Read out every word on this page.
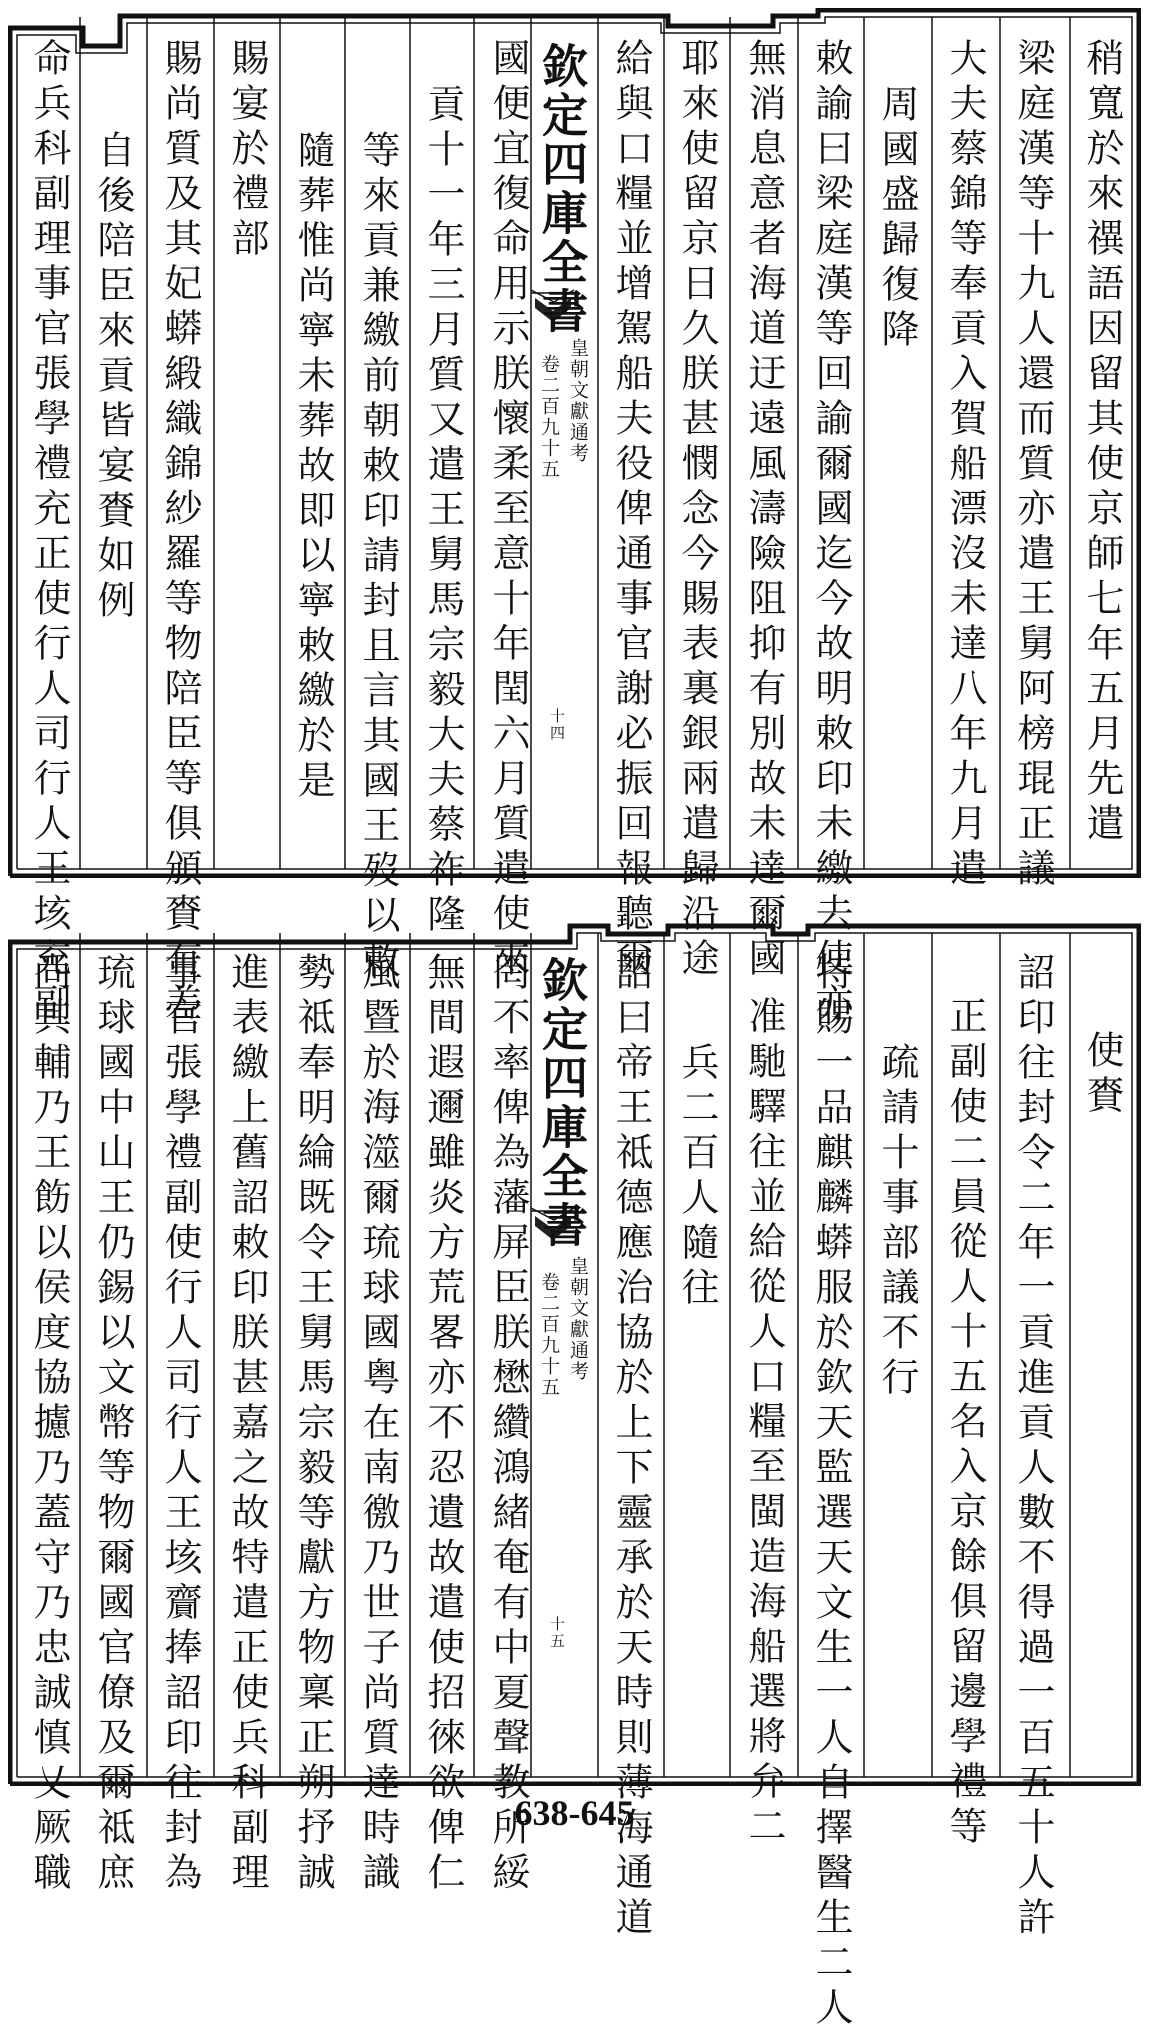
稍寬於來禩語因留其使京師七年五月先遣
梁庭漢等十九人還而質亦遣王舅阿榜琨正議
大夫蔡錦等奉貢入賀船漂沒未達八年九月遣
周國盛歸復降
敕諭曰梁庭漢等回諭爾國迄今故明敕印未繳去使亦
無消息意者海道迂遠風濤險阻抑有別故未達爾國
耶來使留京日久朕甚憫念今賜表裏銀兩遣歸沿途
給與口糧並增駕船夫役俾通事官謝必振回報聽爾
欽定四庫全書
皇朝文獻通考
卷二百九十五
十四
國便宜復命用示朕懷柔至意十年閏六月質遣使來
貢十一年三月質又遣王舅馬宗毅大夫蔡祚隆
等來貢兼繳前朝敕印請封且言其國王歿以敕
隨葬惟尚寧未葬故即以寧敕繳於是
賜宴於禮部
賜尚質及其妃蟒緞織錦紗羅等物陪臣等俱頒賚有差
自後陪臣來貢皆宴賚如例
命兵科副理事官張學禮充正使行人司行人王垓充副
使賚
詔印往封令二年一貢進貢人數不得過一百五十人許
正副使二員從人十五名入京餘俱留邊學禮等
疏請十事部議不行
特賜一品麒麟蟒服於欽天監選天文生一人自擇醫生二人
准馳驛往並給從人口糧至閩造海船選將弁二
兵二百人隨往
詔曰帝王祗德應治協於上下靈承於天時則薄海通道
欽定四庫全書
皇朝文獻通考
卷二百九十五
十五
罔不率俾為藩屏臣朕懋纘鴻緒奄有中夏聲教所綏
無間遐邇雖炎方荒畧亦不忍遺故遣使招徠欲俾仁
風暨於海澨爾琉球國粤在南徼乃世子尚質達時識
勢祗奉明綸既令王舅馬宗毅等獻方物稟正朔抒誠
進表繳上舊詔敕印朕甚嘉之故特遣正使兵科副理
事官張學禮副使行人司行人王垓齎捧詔印往封為
琉球國中山王仍錫以文幣等物爾國官僚及爾祗庶
尚其輔乃王飭以侯度協攄乃蓋守乃忠誠慎乂厥職	638-645
